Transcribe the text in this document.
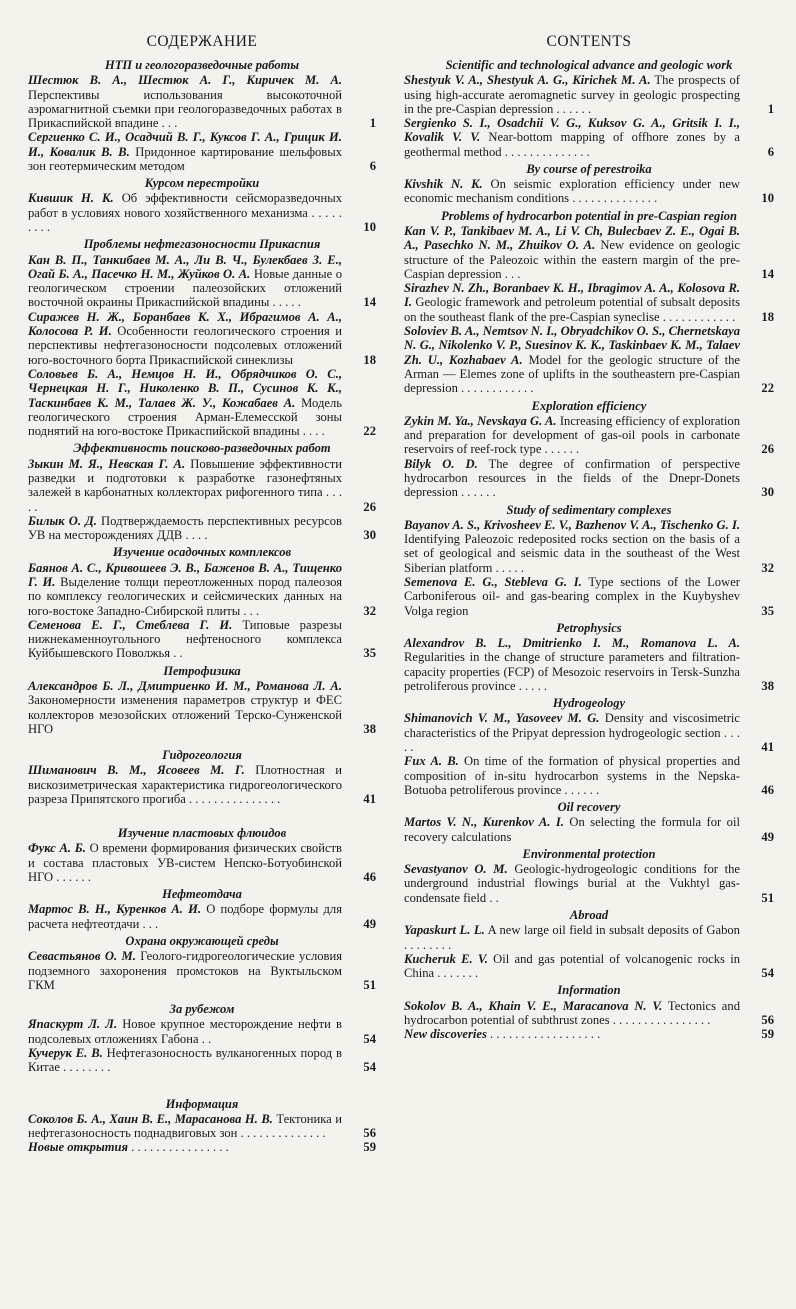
СОДЕРЖАНИЕ
НТП и геологоразведочные работы
Шестюк В. А., Шестюк А. Г., Киричек М. А. Перспективы использования высокоточной аэромагнитной съемки при геологоразведочных работах в Прикаспийской впадине . . .	1
Сергиенко С. И., Осадчий В. Г., Куксов Г. А., Грицик И. И., Ковалик В. В. Придонное картирование шельфовых зон геотермическим методом	6
Курсом перестройки
Кившик Н. К. Об эффективности сейсморазведочных работ в условиях нового хозяйственного механизма . . . . . . . . .	10
Проблемы нефтегазоносности Прикаспия
Кан В. П., Танкибаев М. А., Ли В. Ч., Булекбаев З. Е., Огай Б. А., Пасечко Н. М., Жуйков О. А. Новые данные о геологическом строении палеозойских отложений восточной окраины Прикаспийской впадины . . . . .	14
Сиражев Н. Ж., Боранбаев К. Х., Ибрагимов А. А., Колосова Р. И. Особенности геологического строения и перспективы нефтегазоносности подсолевых отложений юго-восточного борта Прикаспийской синеклизы	18
Соловьев Б. А., Немцов Н. И., Обрядчиков О. С., Чернецкая Н. Г., Николенко В. П., Сусинов К. К., Таскинбаев К. М., Талаев Ж. У., Кожабаев А. Модель геологического строения Арман-Елемесской зоны поднятий на юго-востоке Прикаспийской впадины . . . .	22
Эффективность поисково-разведочных работ
Зыкин М. Я., Невская Г. А. Повышение эффективности разведки и подготовки к разработке газонефтяных залежей в карбонатных коллекторах рифогенного типа . . . . .	26
Билык О. Д. Подтверждаемость перспективных ресурсов УВ на месторождениях ДДВ . . . .	30
Изучение осадочных комплексов
Баянов А. С., Кривошеев Э. В., Баженов В. А., Тищенко Г. И. Выделение толщи переотложенных пород палеозоя по комплексу геологических и сейсмических данных на юго-востоке Западно-Сибирской плиты . . .	32
Семенова Е. Г., Стеблева Г. И. Типовые разрезы нижнекаменноугольного нефтеносного комплекса Куйбышевского Поволжья . .	35
Петрофизика
Александров Б. Л., Дмитриенко И. М., Романова Л. А. Закономерности изменения параметров структур и ФЕС коллекторов мезозойских отложений Терско-Сунженской НГО	38
Гидрогеология
Шиманович В. М., Ясовеев М. Г. Плотностная и вискозиметрическая характеристика гидрогеологического разреза Припятского прогиба . . . . . . . . . . . . . . .	41
Изучение пластовых флюидов
Фукс А. Б. О времени формирования физических свойств и состава пластовых УВ-систем Непско-Ботуобинской НГО . . . . . .	46
Нефтеотдача
Мартос В. Н., Куренков А. И. О подборе формулы для расчета нефтеотдачи . . .	49
Охрана окружающей среды
Севастьянов О. М. Геолого-гидрогеологические условия подземного захоронения промстоков на Вуктыльском ГКМ	51
За рубежом
Япаскурт Л. Л. Новое крупное месторождение нефти в подсолевых отложениях Габона . .	54
Кучерук Е. В. Нефтегазоносность вулканогенных пород в Китае . . . . . . . .	54
Информация
Соколов Б. А., Хаин В. Е., Марасанова Н. В. Тектоника и нефтегазоносность поднадвиговых зон . . . . . . . . . . . . . .	56
Новые открытия . . . . . . . . . . . . . . . .	59
CONTENTS
Scientific and technological advance and geologic work
Shestyuk V. A., Shestyuk A. G., Kirichek M. A. The prospects of using high-accurate aeromagnetic survey in geologic prospecting in the pre-Caspian depression . . . . . .	1
Sergienko S. I., Osadchii V. G., Kuksov G. A., Gritsik I. I., Kovalik V. V. Near-bottom mapping of offhore zones by a geothermal method . . . . . . . . . . . . . .	6
By course of perestroika
Kivshik N. K. On seismic exploration efficiency under new economic mechanism conditions . . . . . . . . . . . . . .	10
Problems of hydrocarbon potential in pre-Caspian region
Kan V. P., Tankibaev M. A., Li V. Ch, Bulecbaev Z. E., Ogai B. A., Pasechko N. M., Zhuikov O. A. New evidence on geologic structure of the Paleozoic within the eastern margin of the pre-Caspian depression . . .	14
Sirazhev N. Zh., Boranbaev K. H., Ibragimov A. A., Kolosova R. I. Geologic framework and petroleum potential of subsalt deposits on the southeast flank of the pre-Caspian syneclise . . . . . . . . . . . .	18
Soloviev B. A., Nemtsov N. I., Obryadchikov O. S., Chernetskaya N. G., Nikolenko V. P., Suesinov K. K., Taskinbaev K. M., Talaev Zh. U., Kozhabaev A. Model for the geologic structure of the Arman — Elemes zone of uplifts in the southeastern pre-Caspian depression . . . . . . . . . . . .	22
Exploration efficiency
Zykin M. Ya., Nevskaya G. A. Increasing efficiency of exploration and preparation for development of gas-oil pools in carbonate reservoirs of reef-rock type . . . . . .	26
Bilyk O. D. The degree of confirmation of perspective hydrocarbon resources in the fields of the Dnepr-Donets depression . . . . . .	30
Study of sedimentary complexes
Bayanov A. S., Krivosheev E. V., Bazhenov V. A., Tischenko G. I. Identifying Paleozoic redeposited rocks section on the basis of a set of geological and seismic data in the southeast of the West Siberian platform . . . . .	32
Semenova E. G., Stebleva G. I. Type sections of the Lower Carboniferous oil- and gas-bearing complex in the Kuybyshev Volga region	35
Petrophysics
Alexandrov B. L., Dmitrienko I. M., Romanova L. A. Regularities in the change of structure parameters and filtration-capacity properties (FCP) of Mesozoic reservoirs in Tersk-Sunzha petroliferous province . . . . .	38
Hydrogeology
Shimanovich V. M., Yasoveev M. G. Density and viscosimetric characteristics of the Pripyat depression hydrogeologic section . . . . .	41
Fux A. B. On time of the formation of physical properties and composition of in-situ hydrocarbon systems in the Nepska-Botuoba petroliferous province . . . . . .	46
Oil recovery
Martos V. N., Kurenkov A. I. On selecting the formula for oil recovery calculations	49
Environmental protection
Sevastyanov O. M. Geologic-hydrogeologic conditions for the underground industrial flowings burial at the Vukhtyl gas-condensate field . .	51
Abroad
Yapaskurt L. L. A new large oil field in subsalt deposits of Gabon . . . . . . . .
Kucheruk E. V. Oil and gas potential of volcanogenic rocks in China . . . . . . .	54
Information
Sokolov B. A., Khain V. E., Maracanova N. V. Tectonics and hydrocarbon potential of subthrust zones . . . . . . . . . . . . . . . .	56
New discoveries . . . . . . . . . . . . . . . . . .	59
